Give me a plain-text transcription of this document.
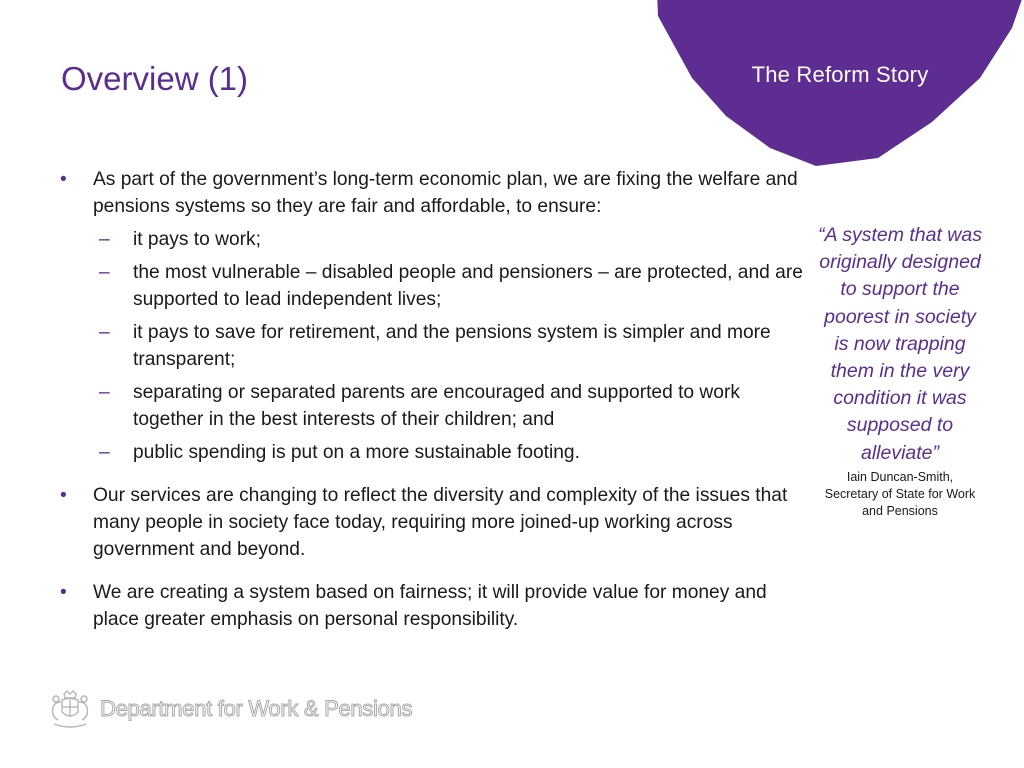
The Reform Story
Overview (1)
• As part of the government’s long-term economic plan, we are fixing the welfare and pensions systems so they are fair and affordable, to ensure:
– it pays to work;
– the most vulnerable – disabled people and pensioners – are protected, and are supported to lead independent lives;
– it pays to save for retirement, and the pensions system is simpler and more transparent;
– separating or separated parents are encouraged and supported to work together in the best interests of their children; and
– public spending is put on a more sustainable footing.
• Our services are changing to reflect the diversity and complexity of the issues that many people in society face today, requiring more joined-up working across government and beyond.
• We are creating a system based on fairness; it will provide value for money and place greater emphasis on personal responsibility.

“A system that was originally designed to support the poorest in society is now trapping them in the very condition it was supposed to alleviate”

Iain Duncan-Smith,
Secretary of State for Work and Pensions

Department for Work & Pensions
